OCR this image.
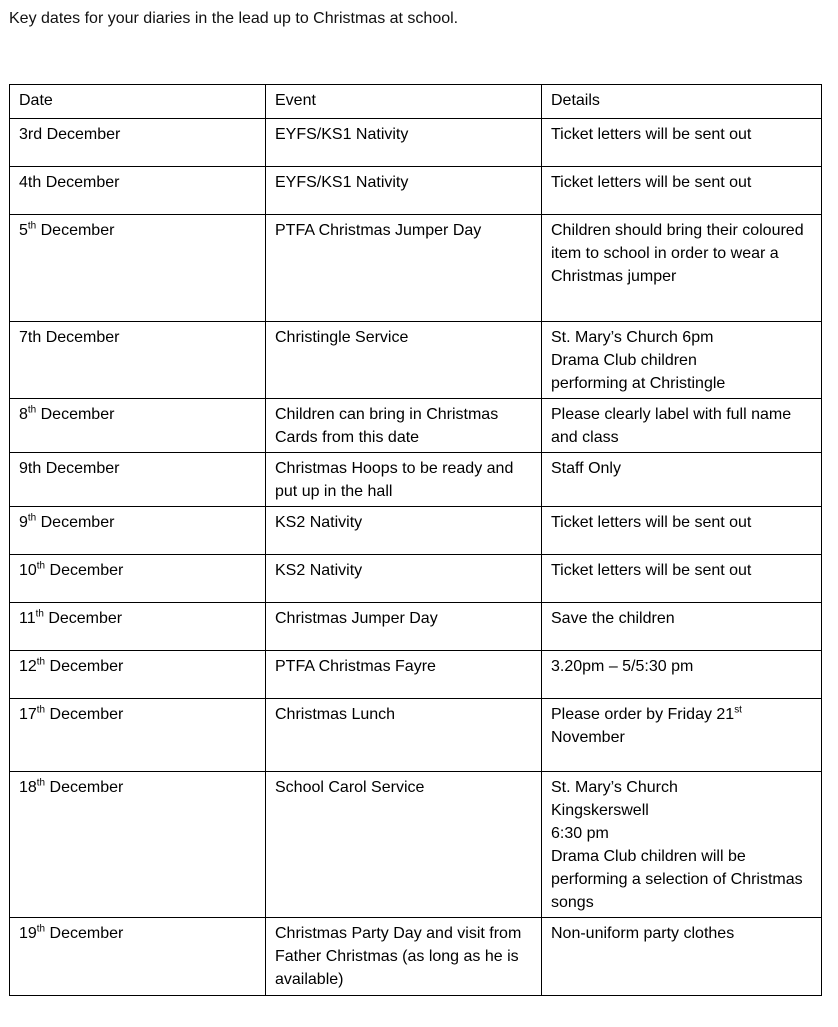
Key dates for your diaries in the lead up to Christmas at school.

Date	Event	Details
3rd December	EYFS/KS1 Nativity	Ticket letters will be sent out

4th December	EYFS/KS1 Nativity	Ticket letters will be sent out

5th December	PTFA Christmas Jumper Day	Children should bring their coloured item to school in order to wear a Christmas jumper

7th December	Christingle Service	St. Mary’s Church 6pm
Drama Club children
performing at Christingle

8th December	Children can bring in Christmas Cards from this date	Please clearly label with full name and class

9th December	Christmas Hoops to be ready and put up in the hall	Staff Only

9th December	KS2 Nativity	Ticket letters will be sent out

10th December	KS2 Nativity	Ticket letters will be sent out

11th December	Christmas Jumper Day	Save the children

12th December	PTFA Christmas Fayre	3.20pm – 5/5:30 pm

17th December	Christmas Lunch	Please order by Friday 21st November

18th December	School Carol Service	St. Mary’s Church
Kingskerswell
6:30 pm
Drama Club children will be performing a selection of Christmas songs

19th December	Christmas Party Day and visit from Father Christmas (as long as he is available)	Non-uniform party clothes
